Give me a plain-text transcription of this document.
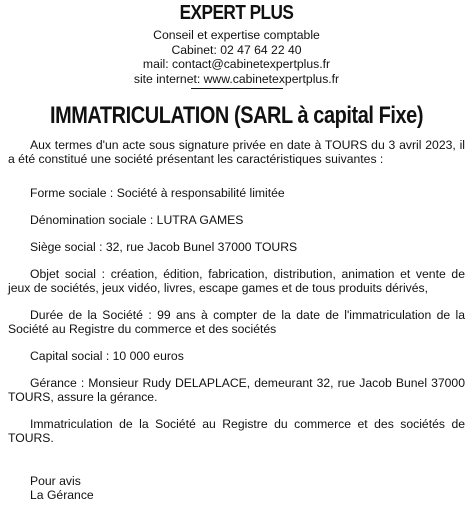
EXPERT PLUS
Conseil et expertise comptable
Cabinet: 02 47 64 22 40
mail: contact@cabinetexpertplus.fr
site internet: www.cabinetexpertplus.fr
IMMATRICULATION (SARL à capital Fixe)

Aux termes d'un acte sous signature privée en date à TOURS du 3 avril 2023, il a été constitué une société présentant les caractéristiques suivantes :

Forme sociale : Société à responsabilité limitée

Dénomination sociale : LUTRA GAMES

Siège social : 32, rue Jacob Bunel 37000 TOURS

Objet social : création, édition, fabrication, distribution, animation et vente de jeux de sociétés, jeux vidéo, livres, escape games et de tous produits dérivés,

Durée de la Société : 99 ans à compter de la date de l'immatriculation de la Société au Registre du commerce et des sociétés

Capital social : 10 000 euros

Gérance : Monsieur Rudy DELAPLACE, demeurant 32, rue Jacob Bunel 37000 TOURS, assure la gérance.

Immatriculation de la Société au Registre du commerce et des sociétés de TOURS.

Pour avis
La Gérance
